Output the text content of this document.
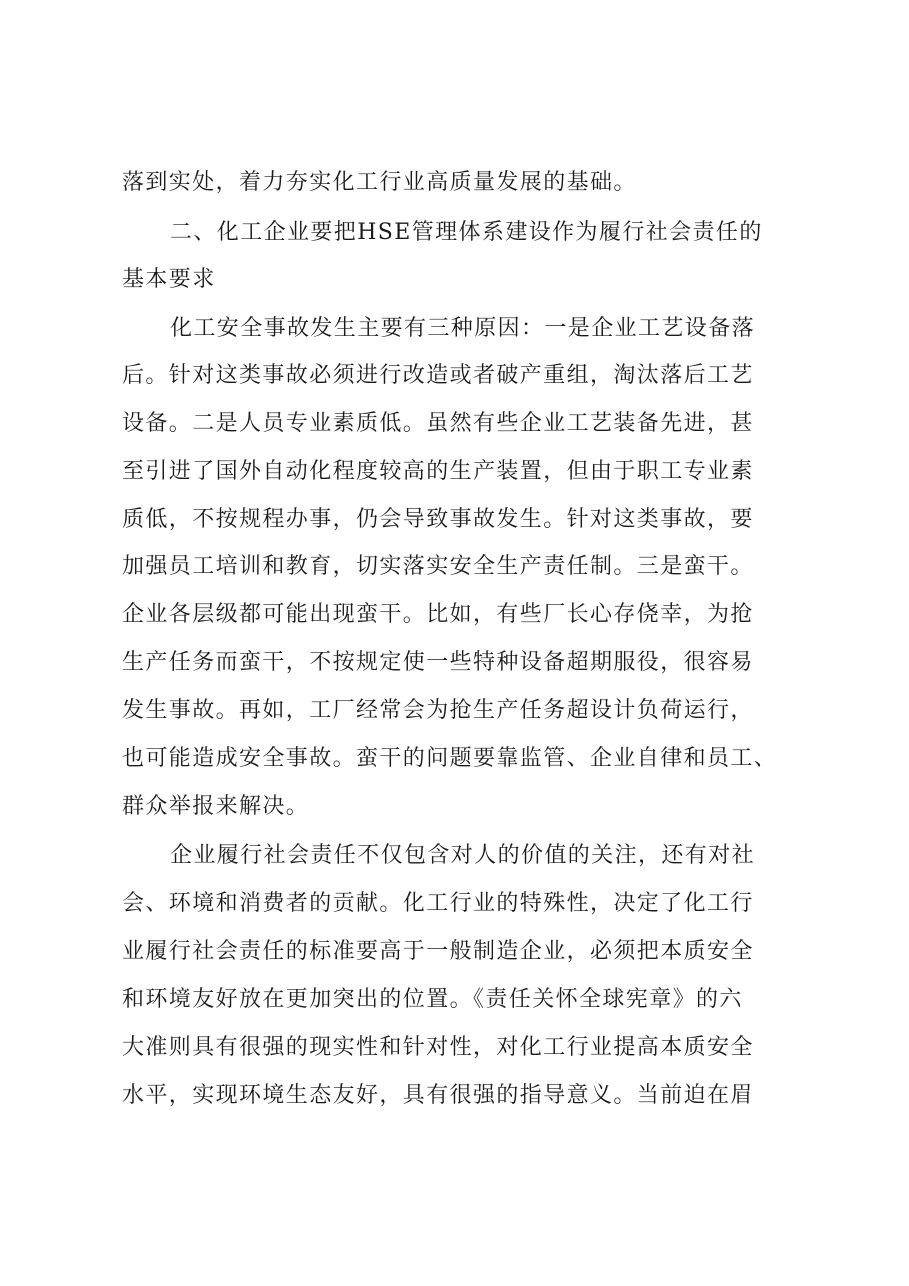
落到实处，着力夯实化工行业高质量发展的基础。
二、化工企业要把HSE管理体系建设作为履行社会责任的
基本要求
化工安全事故发生主要有三种原因：一是企业工艺设备落
后。针对这类事故必须进行改造或者破产重组，淘汰落后工艺
设备。二是人员专业素质低。虽然有些企业工艺装备先进，甚
至引进了国外自动化程度较高的生产装置，但由于职工专业素
质低，不按规程办事，仍会导致事故发生。针对这类事故，要
加强员工培训和教育，切实落实安全生产责任制。三是蛮干。
企业各层级都可能出现蛮干。比如，有些厂长心存侥幸，为抢
生产任务而蛮干，不按规定使一些特种设备超期服役，很容易
发生事故。再如，工厂经常会为抢生产任务超设计负荷运行，
也可能造成安全事故。蛮干的问题要靠监管、企业自律和员工、
群众举报来解决。
企业履行社会责任不仅包含对人的价值的关注，还有对社
会、环境和消费者的贡献。化工行业的特殊性，决定了化工行
业履行社会责任的标准要高于一般制造企业，必须把本质安全
和环境友好放在更加突出的位置。《责任关怀全球宪章》的六
大准则具有很强的现实性和针对性，对化工行业提高本质安全
水平，实现环境生态友好，具有很强的指导意义。当前迫在眉
